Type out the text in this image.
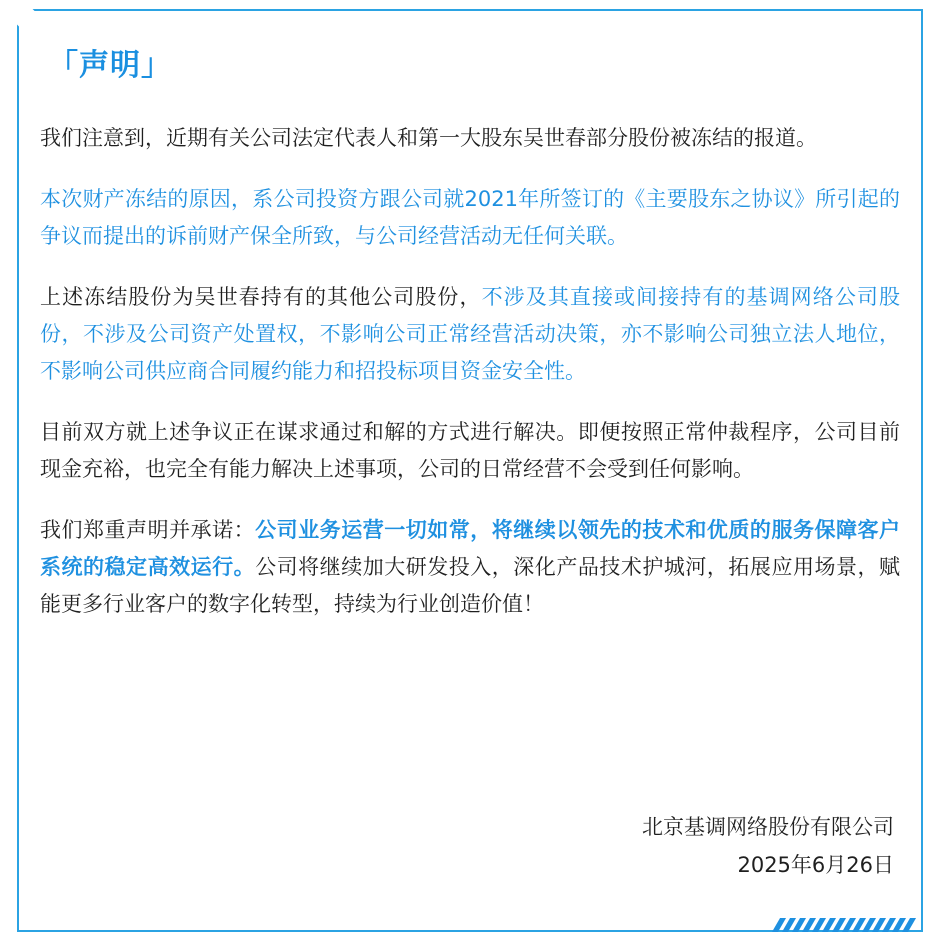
「声明」

我们注意到，近期有关公司法定代表人和第一大股东吴世春部分股份被冻结的报道。

本次财产冻结的原因，系公司投资方跟公司就2021年所签订的《主要股东之协议》所引起的争议而提出的诉前财产保全所致，与公司经营活动无任何关联。

上述冻结股份为吴世春持有的其他公司股份，不涉及其直接或间接持有的基调网络公司股份，不涉及公司资产处置权，不影响公司正常经营活动决策，亦不影响公司独立法人地位，不影响公司供应商合同履约能力和招投标项目资金安全性。

目前双方就上述争议正在谋求通过和解的方式进行解决。即便按照正常仲裁程序，公司目前现金充裕，也完全有能力解决上述事项，公司的日常经营不会受到任何影响。

我们郑重声明并承诺：公司业务运营一切如常，将继续以领先的技术和优质的服务保障客户系统的稳定高效运行。公司将继续加大研发投入，深化产品技术护城河，拓展应用场景，赋能更多行业客户的数字化转型，持续为行业创造价值！

北京基调网络股份有限公司
2025年6月26日
